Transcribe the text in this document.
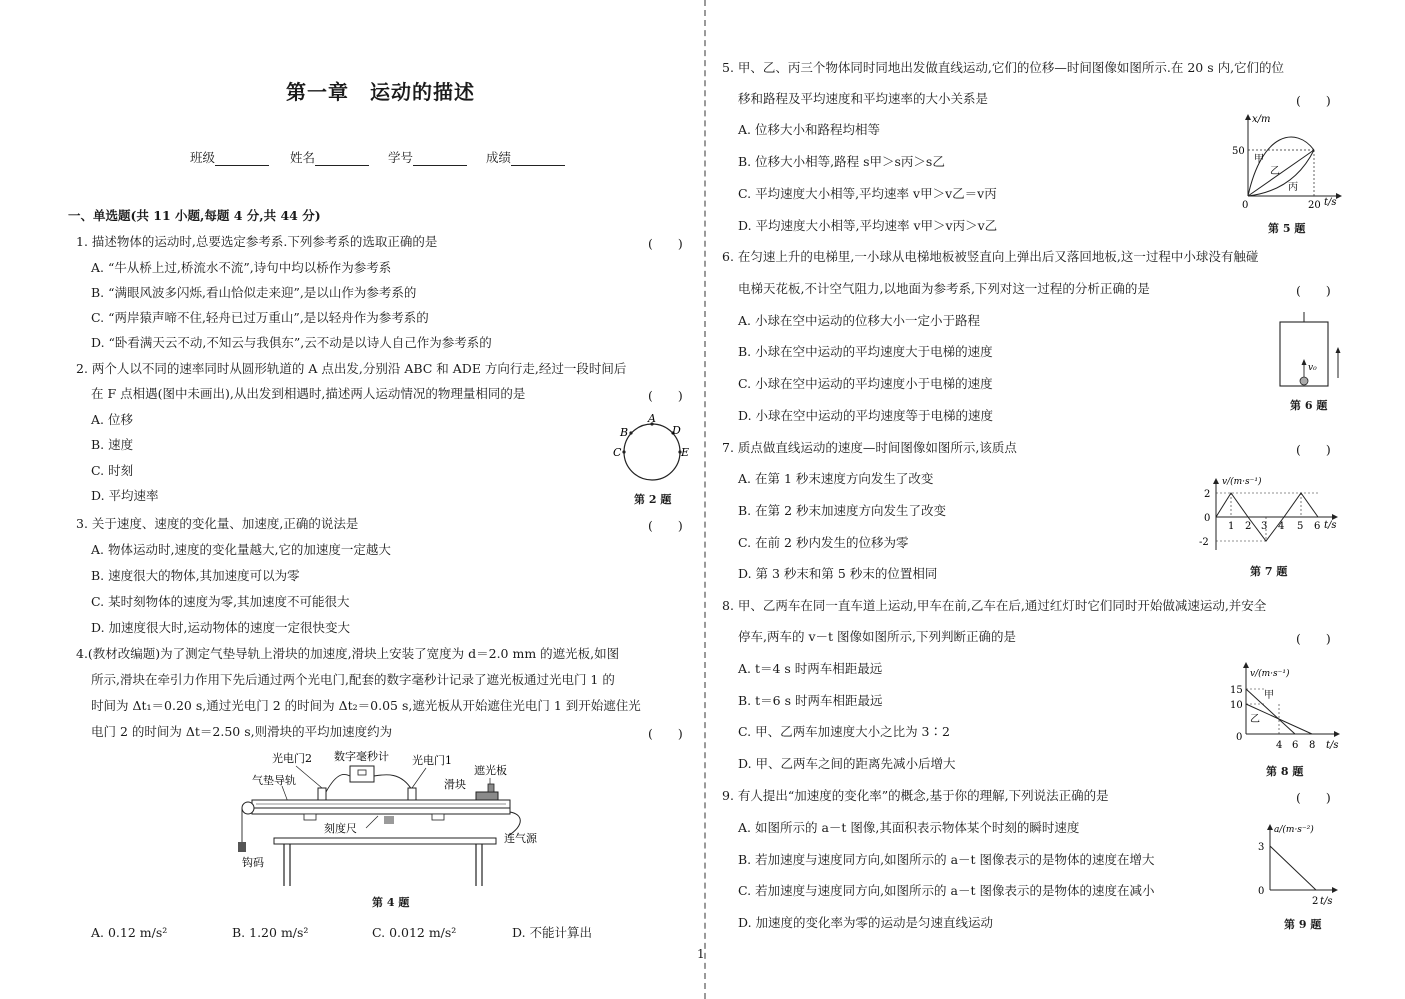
第一章　运动的描述
班级	姓名	学号	成绩
一、单选题(共 11 小题,每题 4 分,共 44 分)
1. 描述物体的运动时,总要选定参考系.下列参考系的选取正确的是	(　　)
A. “牛从桥上过,桥流水不流”,诗句中均以桥作为参考系
B. “满眼风波多闪烁,看山恰似走来迎”,是以山作为参考系的
C. “两岸猿声啼不住,轻舟已过万重山”,是以轻舟作为参考系的
D. “卧看满天云不动,不知云与我俱东”,云不动是以诗人自己作为参考系的
2. 两个人以不同的速率同时从圆形轨道的 A 点出发,分别沿 ABC 和 ADE 方向行走,经过一段时间后
在 F 点相遇(图中未画出),从出发到相遇时,描述两人运动情况的物理量相同的是	(　　)
A. 位移
B. 速度
C. 时刻
D. 平均速率
A
B
C
D
E
第 2 题
3. 关于速度、速度的变化量、加速度,正确的说法是	(　　)
A. 物体运动时,速度的变化量越大,它的加速度一定越大
B. 速度很大的物体,其加速度可以为零
C. 某时刻物体的速度为零,其加速度不可能很大
D. 加速度很大时,运动物体的速度一定很快变大
4.(教材改编题)为了测定气垫导轨上滑块的加速度,滑块上安装了宽度为 d＝2.0 mm 的遮光板,如图
所示,滑块在牵引力作用下先后通过两个光电门,配套的数字毫秒计记录了遮光板通过光电门 1 的
时间为 Δt₁＝0.20 s,通过光电门 2 的时间为 Δt₂＝0.05 s,遮光板从开始遮住光电门 1 到开始遮住光
电门 2 的时间为 Δt＝2.50 s,则滑块的平均加速度约为	(　　)
光电门2 数字毫秒计 光电门1
气垫导轨	滑块
遮光板
刻度尺
连气源
钩码
第 4 题
A. 0.12 m/s²	B. 1.20 m/s²	C. 0.012 m/s²	D. 不能计算出
1
5. 甲、乙、丙三个物体同时同地出发做直线运动,它们的位移—时间图像如图所示.在 20 s 内,它们的位
移和路程及平均速度和平均速率的大小关系是	(　　)
A. 位移大小和路程均相等
B. 位移大小相等,路程 s甲＞s丙＞s乙
C. 平均速度大小相等,平均速率 v甲＞v乙＝v丙
D. 平均速度大小相等,平均速率 v甲＞v丙＞v乙
x/m
t/s
50
20
0
甲
乙
丙
第 5 题
6. 在匀速上升的电梯里,一小球从电梯地板被竖直向上弹出后又落回地板,这一过程中小球没有触碰
电梯天花板,不计空气阻力,以地面为参考系,下列对这一过程的分析正确的是	(　　)
A. 小球在空中运动的位移大小一定小于路程
B. 小球在空中运动的平均速度大于电梯的速度
C. 小球在空中运动的平均速度小于电梯的速度
D. 小球在空中运动的平均速度等于电梯的速度
v₀
第 6 题
7. 质点做直线运动的速度—时间图像如图所示,该质点	(　　)
A. 在第 1 秒末速度方向发生了改变
B. 在第 2 秒末加速度方向发生了改变
C. 在前 2 秒内发生的位移为零
D. 第 3 秒末和第 5 秒末的位置相同
v/(m·s⁻¹)
t/s
2
0
-2
1 2 3 4 5 6
第 7 题
8. 甲、乙两车在同一直车道上运动,甲车在前,乙车在后,通过红灯时它们同时开始做减速运动,并安全
停车,两车的 v－t 图像如图所示,下列判断正确的是	(　　)
A. t＝4 s 时两车相距最远
B. t＝6 s 时两车相距最远
C. 甲、乙两车加速度大小之比为 3∶2
D. 甲、乙两车之间的距离先减小后增大
v/(m·s⁻¹)
t/s
15
10
0
4 6 8
甲
乙
第 8 题
9. 有人提出“加速度的变化率”的概念,基于你的理解,下列说法正确的是	(　　)
A. 如图所示的 a－t 图像,其面积表示物体某个时刻的瞬时速度
B. 若加速度与速度同方向,如图所示的 a－t 图像表示的是物体的速度在增大
C. 若加速度与速度同方向,如图所示的 a－t 图像表示的是物体的速度在减小
D. 加速度的变化率为零的运动是匀速直线运动
a/(m·s⁻²)
t/s
3
0
2
第 9 题
